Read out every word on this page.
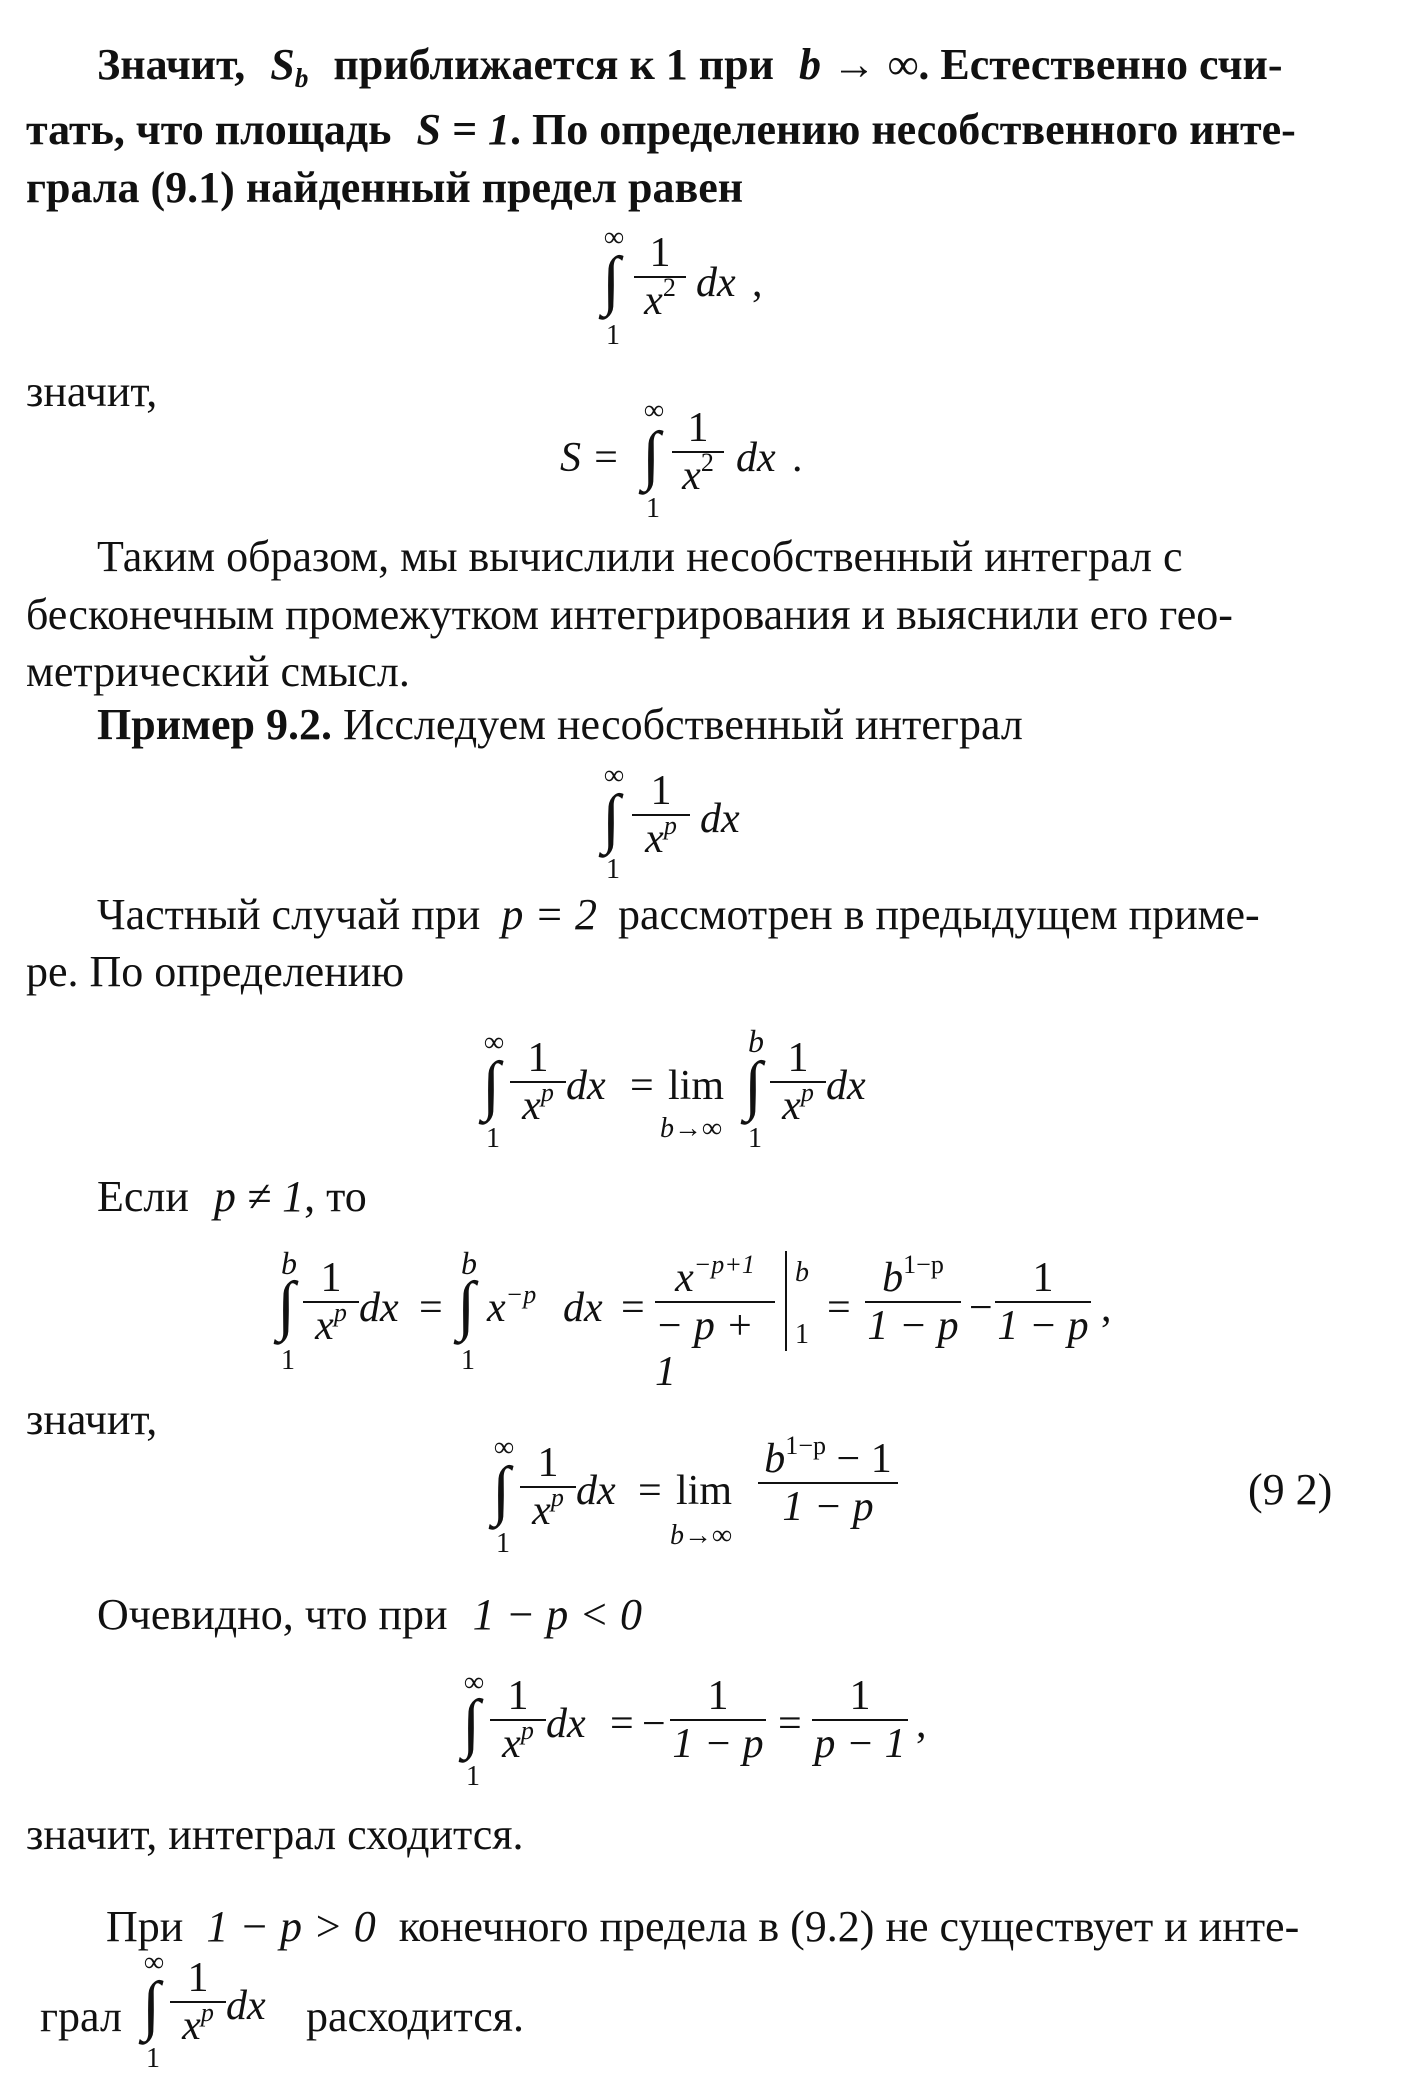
Значит, $S_b$ приближается к 1 при b → ∞. Естественно счи-
тать, что площадь S = 1. По определению несобственного инте-
грала (9.1) найденный предел равен
∞
∫
1
1
$x^2$ dx ,
значит,
S =
∞
∫
1
1
$x^2$ dx .
Таким образом, мы вычислили несобственный интеграл с
бесконечным промежутком интегрирования и выяснили его гео-
метрический смысл.
Пример 9.2. Исследуем несобственный интеграл
∞
∫
1
1
$x^p$ dx
Частный случай при p = 2 рассмотрен в предыдущем приме-
ре. По определению
∞
∫
1
1
$x^p$ dx = lim
b→∞
b
∫
1
1
$x^p$ dx
Если p ≠ 1, то
b
∫
1
1
$x^p$ dx =
b
∫
1
$x^{-p}$ dx =
$x^{-p+1}$
− p + 1
b
1
=
$b^{1-p}$
1 − p −
1
1 − p ,
значит,
∞
∫
1
1
$x^p$ dx = lim
b→∞
$b^{1-p} - 1$
1 − p	(9 2)
Очевидно, что при 1 − p < 0
∞
∫
1
1
$x^p$ dx = −
1
1 − p =
1
p − 1 ,
значит, интеграл сходится.
При 1 − p > 0 конечного предела в (9.2) не существует и инте-
грал
∞
∫
1
1
$x^p$ dx расходится.
